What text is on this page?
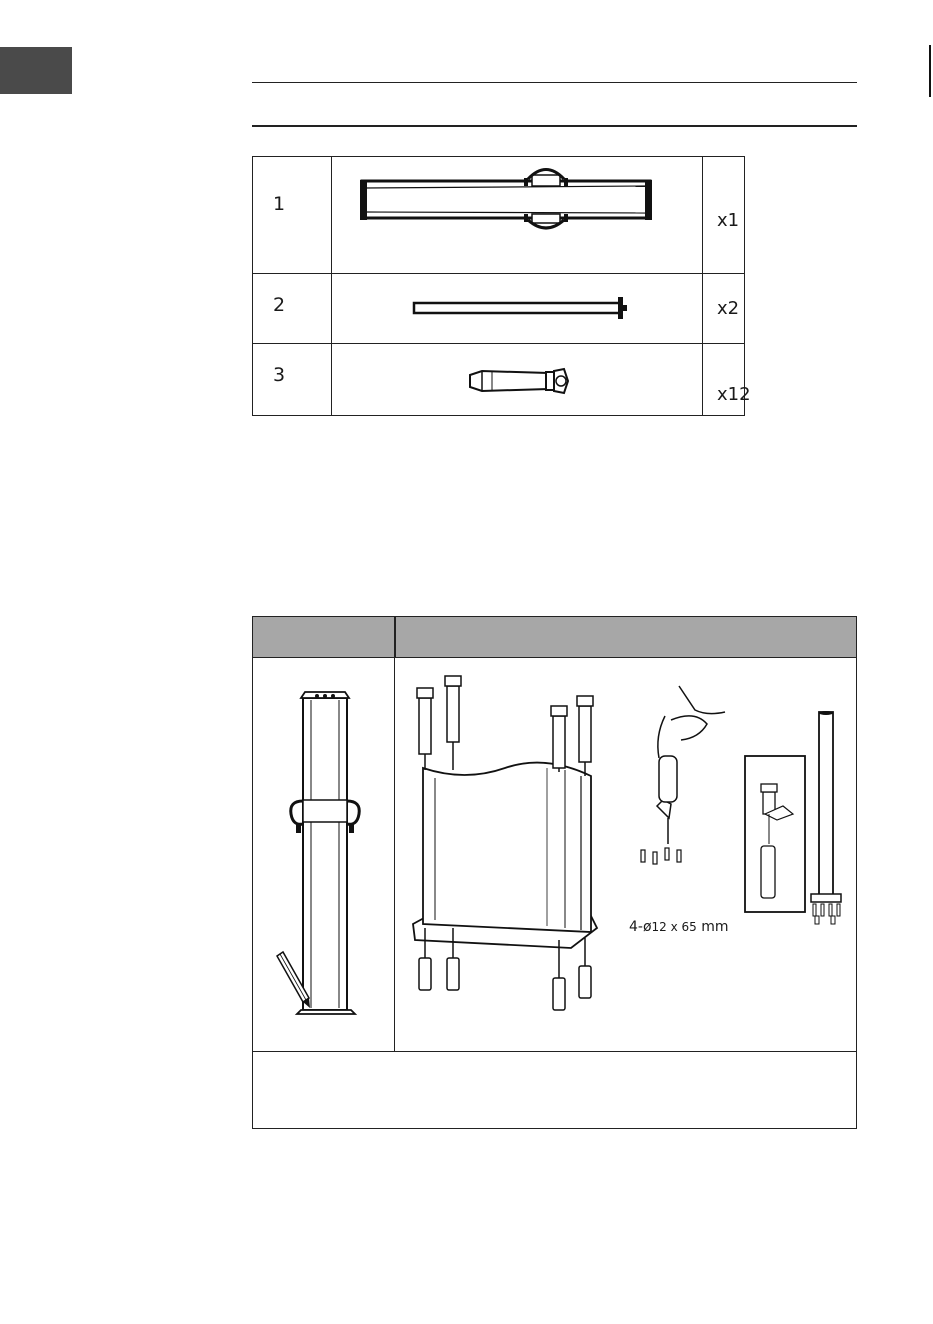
1		x1
2		x2
3		x12
4-ø12 x 65 mm
